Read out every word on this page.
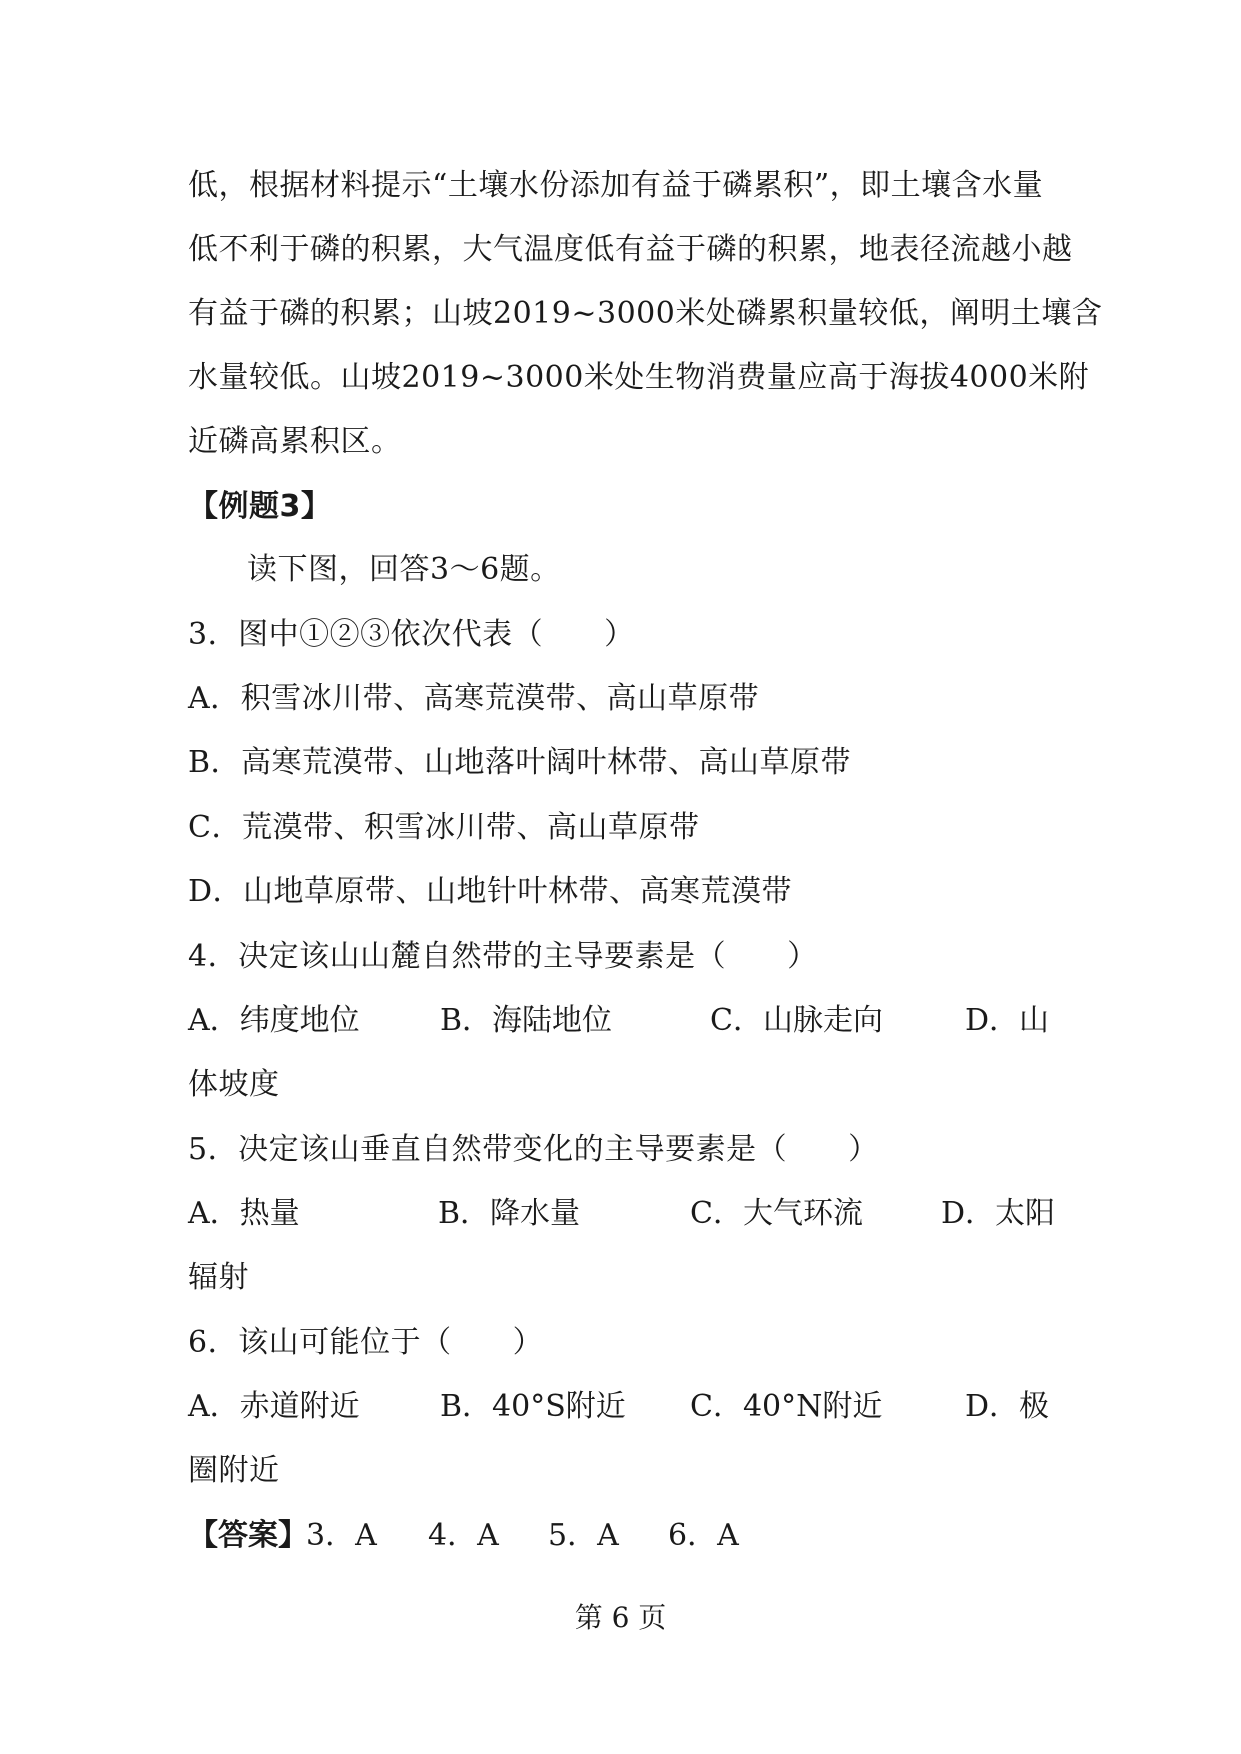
低，根据材料提示“土壤水份添加有益于磷累积”，即土壤含水量
低不利于磷的积累，大气温度低有益于磷的积累，地表径流越小越
有益于磷的积累；山坡2019~3000米处磷累积量较低，阐明土壤含
水量较低。山坡2019~3000米处生物消费量应高于海拔4000米附
近磷高累积区。
【例题3】
读下图，回答3～6题。
3．图中①②③依次代表（　　）
A．积雪冰川带、高寒荒漠带、高山草原带
B．高寒荒漠带、山地落叶阔叶林带、高山草原带
C．荒漠带、积雪冰川带、高山草原带
D．山地草原带、山地针叶林带、高寒荒漠带
4．决定该山山麓自然带的主导要素是（　　）
A．纬度地位	B．海陆地位	C．山脉走向	D．山
体坡度
5．决定该山垂直自然带变化的主导要素是（　　）
A．热量	B．降水量	C．大气环流	D．太阳
辐射
6．该山可能位于（　　）
A．赤道附近	B．40°S附近 C．40°N附近	D．极
圈附近
【答案】
3．A 4．A 5．A 6．A
第 6 页
